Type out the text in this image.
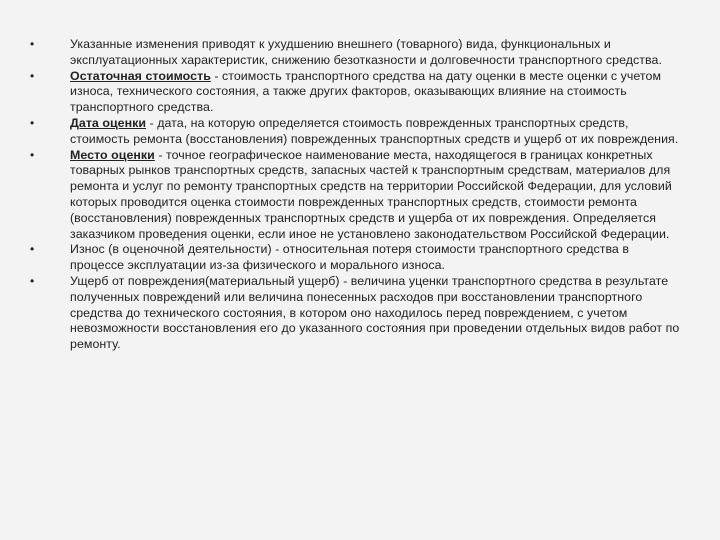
•	Указанные изменения приводят к ухудшению внешнего (товарного) вида, функциональных и эксплуатационных характеристик, снижению безотказности и долговечности транспортного средства.
•	Остаточная стоимость - стоимость транспортного средства на дату оценки в месте оценки с учетом износа, технического состояния, а также других факторов, оказывающих влияние на стоимость транспортного средства.
•	Дата оценки - дата, на которую определяется стоимость поврежденных транспортных средств, стоимость ремонта (восстановления) поврежденных транспортных средств и ущерб от их повреждения.
•	Место оценки - точное географическое наименование места, находящегося в границах конкретных товарных рынков транспортных средств, запасных частей к транспортным средствам, материалов для ремонта и услуг по ремонту транспортных средств на территории Российской Федерации, для условий которых проводится оценка стоимости поврежденных транспортных средств, стоимости ремонта (восстановления) поврежденных транспортных средств и ущерба от их повреждения. Определяется заказчиком проведения оценки, если иное не установлено законодательством Российской Федерации.
•	Износ (в оценочной деятельности) - относительная потеря стоимости транспортного средства в процессе эксплуатации из-за физического и морального износа.
•	Ущерб от повреждения(материальный ущерб) - величина уценки транспортного средства в результате полученных повреждений или величина понесенных расходов при восстановлении транспортного средства до технического состояния, в котором оно находилось перед повреждением, с учетом невозможности восстановления его до указанного состояния при проведении отдельных видов работ по ремонту.
